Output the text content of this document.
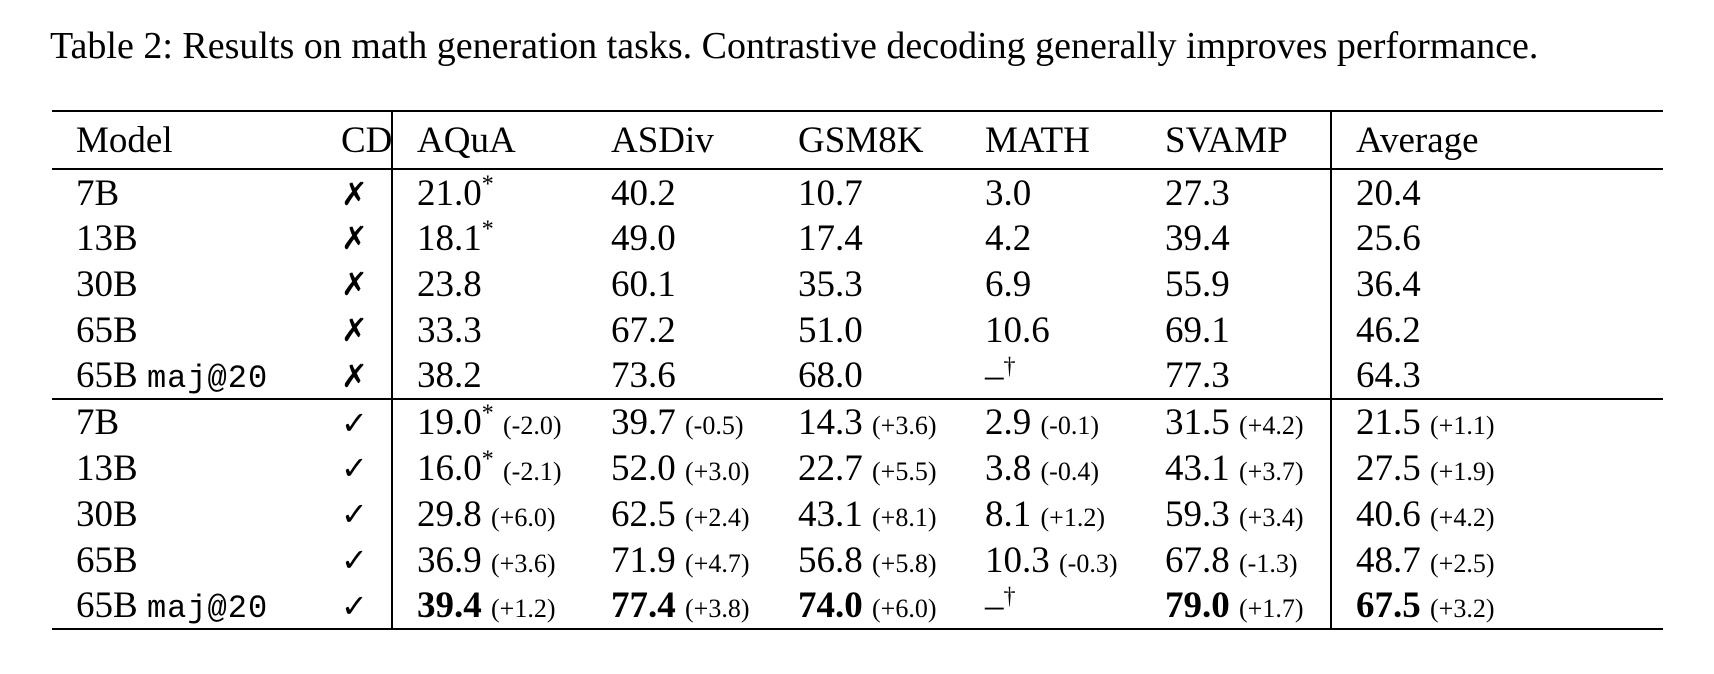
Table 2: Results on math generation tasks. Contrastive decoding generally improves performance.
Model	CD	AQuA	ASDiv	GSM8K	MATH	SVAMP	Average
7B	✗	21.0*	40.2	10.7	3.0	27.3	20.4
13B	✗	18.1*	49.0	17.4	4.2	39.4	25.6
30B	✗	23.8	60.1	35.3	6.9	55.9	36.4
65B	✗	33.3	67.2	51.0	10.6	69.1	46.2
65B maj@20	✗	38.2	73.6	68.0	–†	77.3	64.3
7B	✓	19.0* (-2.0)	39.7 (-0.5)	14.3 (+3.6)	2.9 (-0.1)	31.5 (+4.2)	21.5 (+1.1)
13B	✓	16.0* (-2.1)	52.0 (+3.0)	22.7 (+5.5)	3.8 (-0.4)	43.1 (+3.7)	27.5 (+1.9)
30B	✓	29.8 (+6.0)	62.5 (+2.4)	43.1 (+8.1)	8.1 (+1.2)	59.3 (+3.4)	40.6 (+4.2)
65B	✓	36.9 (+3.6)	71.9 (+4.7)	56.8 (+5.8)	10.3 (-0.3)	67.8 (-1.3)	48.7 (+2.5)
65B maj@20	✓	39.4 (+1.2)	77.4 (+3.8)	74.0 (+6.0)	–†	79.0 (+1.7)	67.5 (+3.2)
